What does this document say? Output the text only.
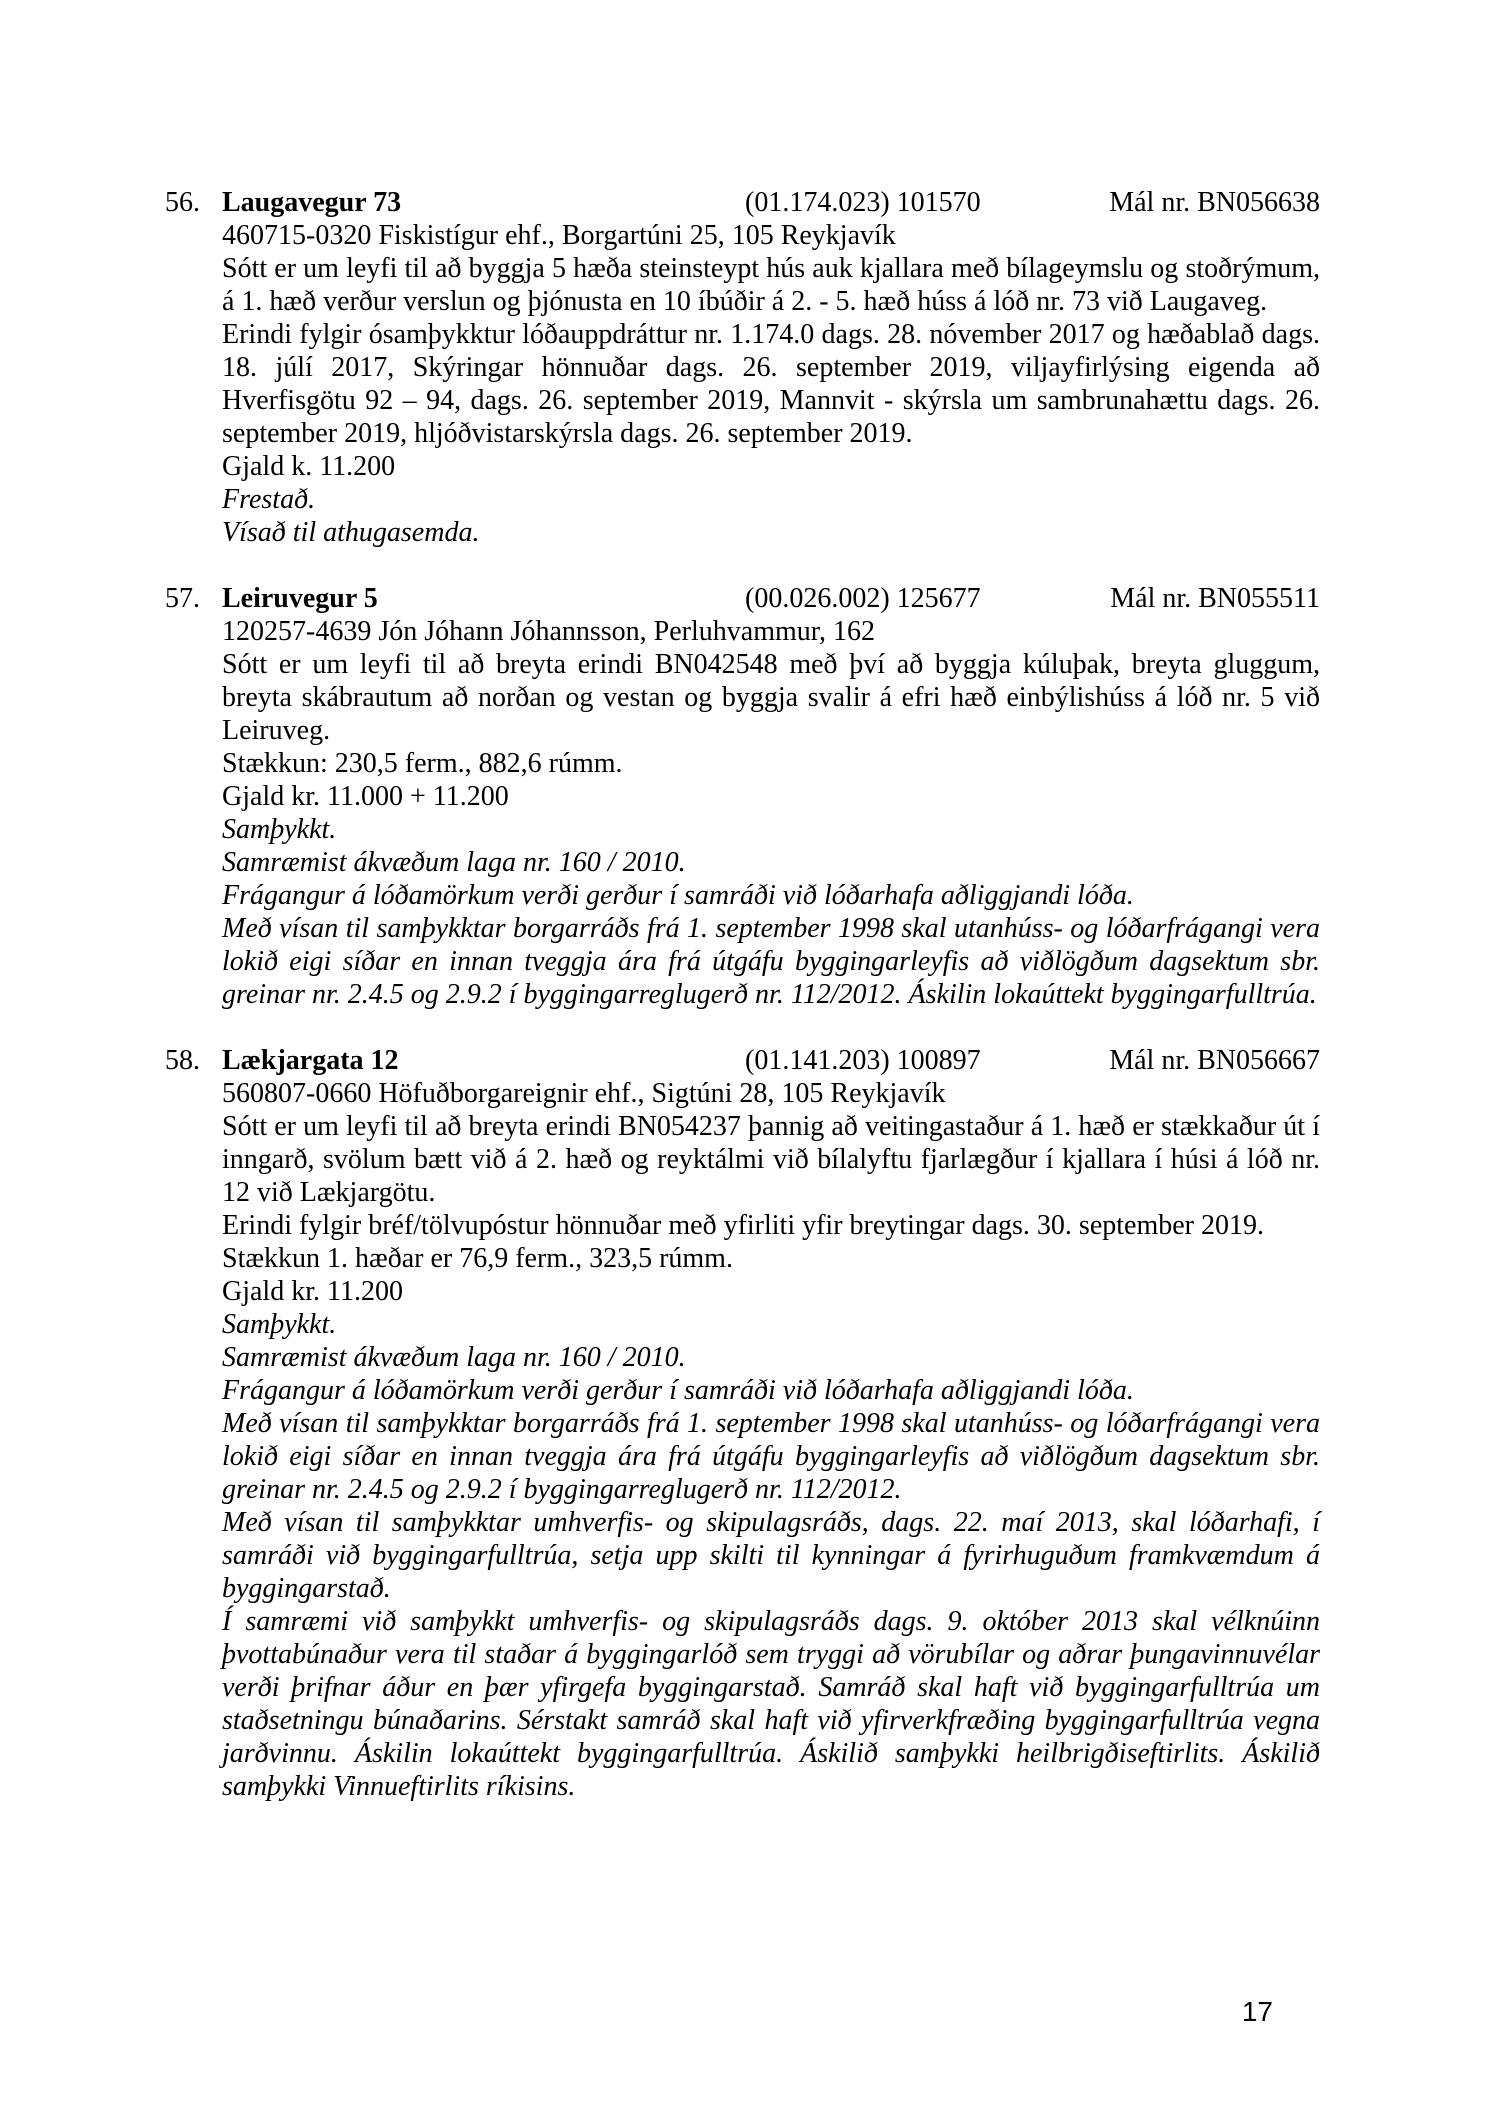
56. Laugavegur 73	(01.174.023) 101570	Mál nr. BN056638

460715-0320 Fiskistígur ehf., Borgartúni 25, 105 Reykjavík

Sótt er um leyfi til að byggja 5 hæða steinsteypt hús auk kjallara með bílageymslu og stoðrýmum, á 1. hæð verður verslun og þjónusta en 10 íbúðir á 2. - 5. hæð húss á lóð nr. 73 við Laugaveg.

Erindi fylgir ósamþykktur lóðauppdráttur nr. 1.174.0 dags. 28. nóvember 2017 og hæðablað dags. 18. júlí 2017, Skýringar hönnuðar dags. 26. september 2019, viljayfirlýsing eigenda að Hverfisgötu 92 – 94, dags. 26. september 2019, Mannvit - skýrsla um sambrunahættu dags. 26. september 2019, hljóðvistarskýrsla dags. 26. september 2019.

Gjald k. 11.200

Frestað.

Vísað til athugasemda.

57. Leiruvegur 5	(00.026.002) 125677	Mál nr. BN055511

120257-4639 Jón Jóhann Jóhannsson, Perluhvammur, 162

Sótt er um leyfi til að breyta erindi BN042548 með því að byggja kúluþak, breyta gluggum, breyta skábrautum að norðan og vestan og byggja svalir á efri hæð einbýlishúss á lóð nr. 5 við Leiruveg.

Stækkun: 230,5 ferm., 882,6 rúmm.

Gjald kr. 11.000 + 11.200

Samþykkt.

Samræmist ákvæðum laga nr. 160 / 2010.

Frágangur á lóðamörkum verði gerður í samráði við lóðarhafa aðliggjandi lóða.

Með vísan til samþykktar borgarráðs frá 1. september 1998 skal utanhúss- og lóðarfrágangi vera lokið eigi síðar en innan tveggja ára frá útgáfu byggingarleyfis að viðlögðum dagsektum sbr. greinar nr. 2.4.5 og 2.9.2 í byggingarreglugerð nr. 112/2012. Áskilin lokaúttekt byggingarfulltrúa.

58. Lækjargata 12	(01.141.203) 100897	Mál nr. BN056667

560807-0660 Höfuðborgareignir ehf., Sigtúni 28, 105 Reykjavík

Sótt er um leyfi til að breyta erindi BN054237 þannig að veitingastaður á 1. hæð er stækkaður út í inngarð, svölum bætt við á 2. hæð og reyktálmi við bílalyftu fjarlægður í kjallara í húsi á lóð nr. 12 við Lækjargötu.

Erindi fylgir bréf/tölvupóstur hönnuðar með yfirliti yfir breytingar dags. 30. september 2019.

Stækkun 1. hæðar er 76,9 ferm., 323,5 rúmm.

Gjald kr. 11.200

Samþykkt.

Samræmist ákvæðum laga nr. 160 / 2010.

Frágangur á lóðamörkum verði gerður í samráði við lóðarhafa aðliggjandi lóða.

Með vísan til samþykktar borgarráðs frá 1. september 1998 skal utanhúss- og lóðarfrágangi vera lokið eigi síðar en innan tveggja ára frá útgáfu byggingarleyfis að viðlögðum dagsektum sbr. greinar nr. 2.4.5 og 2.9.2 í byggingarreglugerð nr. 112/2012.

Með vísan til samþykktar umhverfis- og skipulagsráðs, dags. 22. maí 2013, skal lóðarhafi, í samráði við byggingarfulltrúa, setja upp skilti til kynningar á fyrirhuguðum framkvæmdum á byggingarstað.

Í samræmi við samþykkt umhverfis- og skipulagsráðs dags. 9. október 2013 skal vélknúinn þvottabúnaður vera til staðar á byggingarlóð sem tryggi að vörubílar og aðrar þungavinnuvélar verði þrifnar áður en þær yfirgefa byggingarstað. Samráð skal haft við byggingarfulltrúa um staðsetningu búnaðarins. Sérstakt samráð skal haft við yfirverkfræðing byggingarfulltrúa vegna jarðvinnu. Áskilin lokaúttekt byggingarfulltrúa. Áskilið samþykki heilbrigðiseftirlits. Áskilið samþykki Vinnueftirlits ríkisins.

17
